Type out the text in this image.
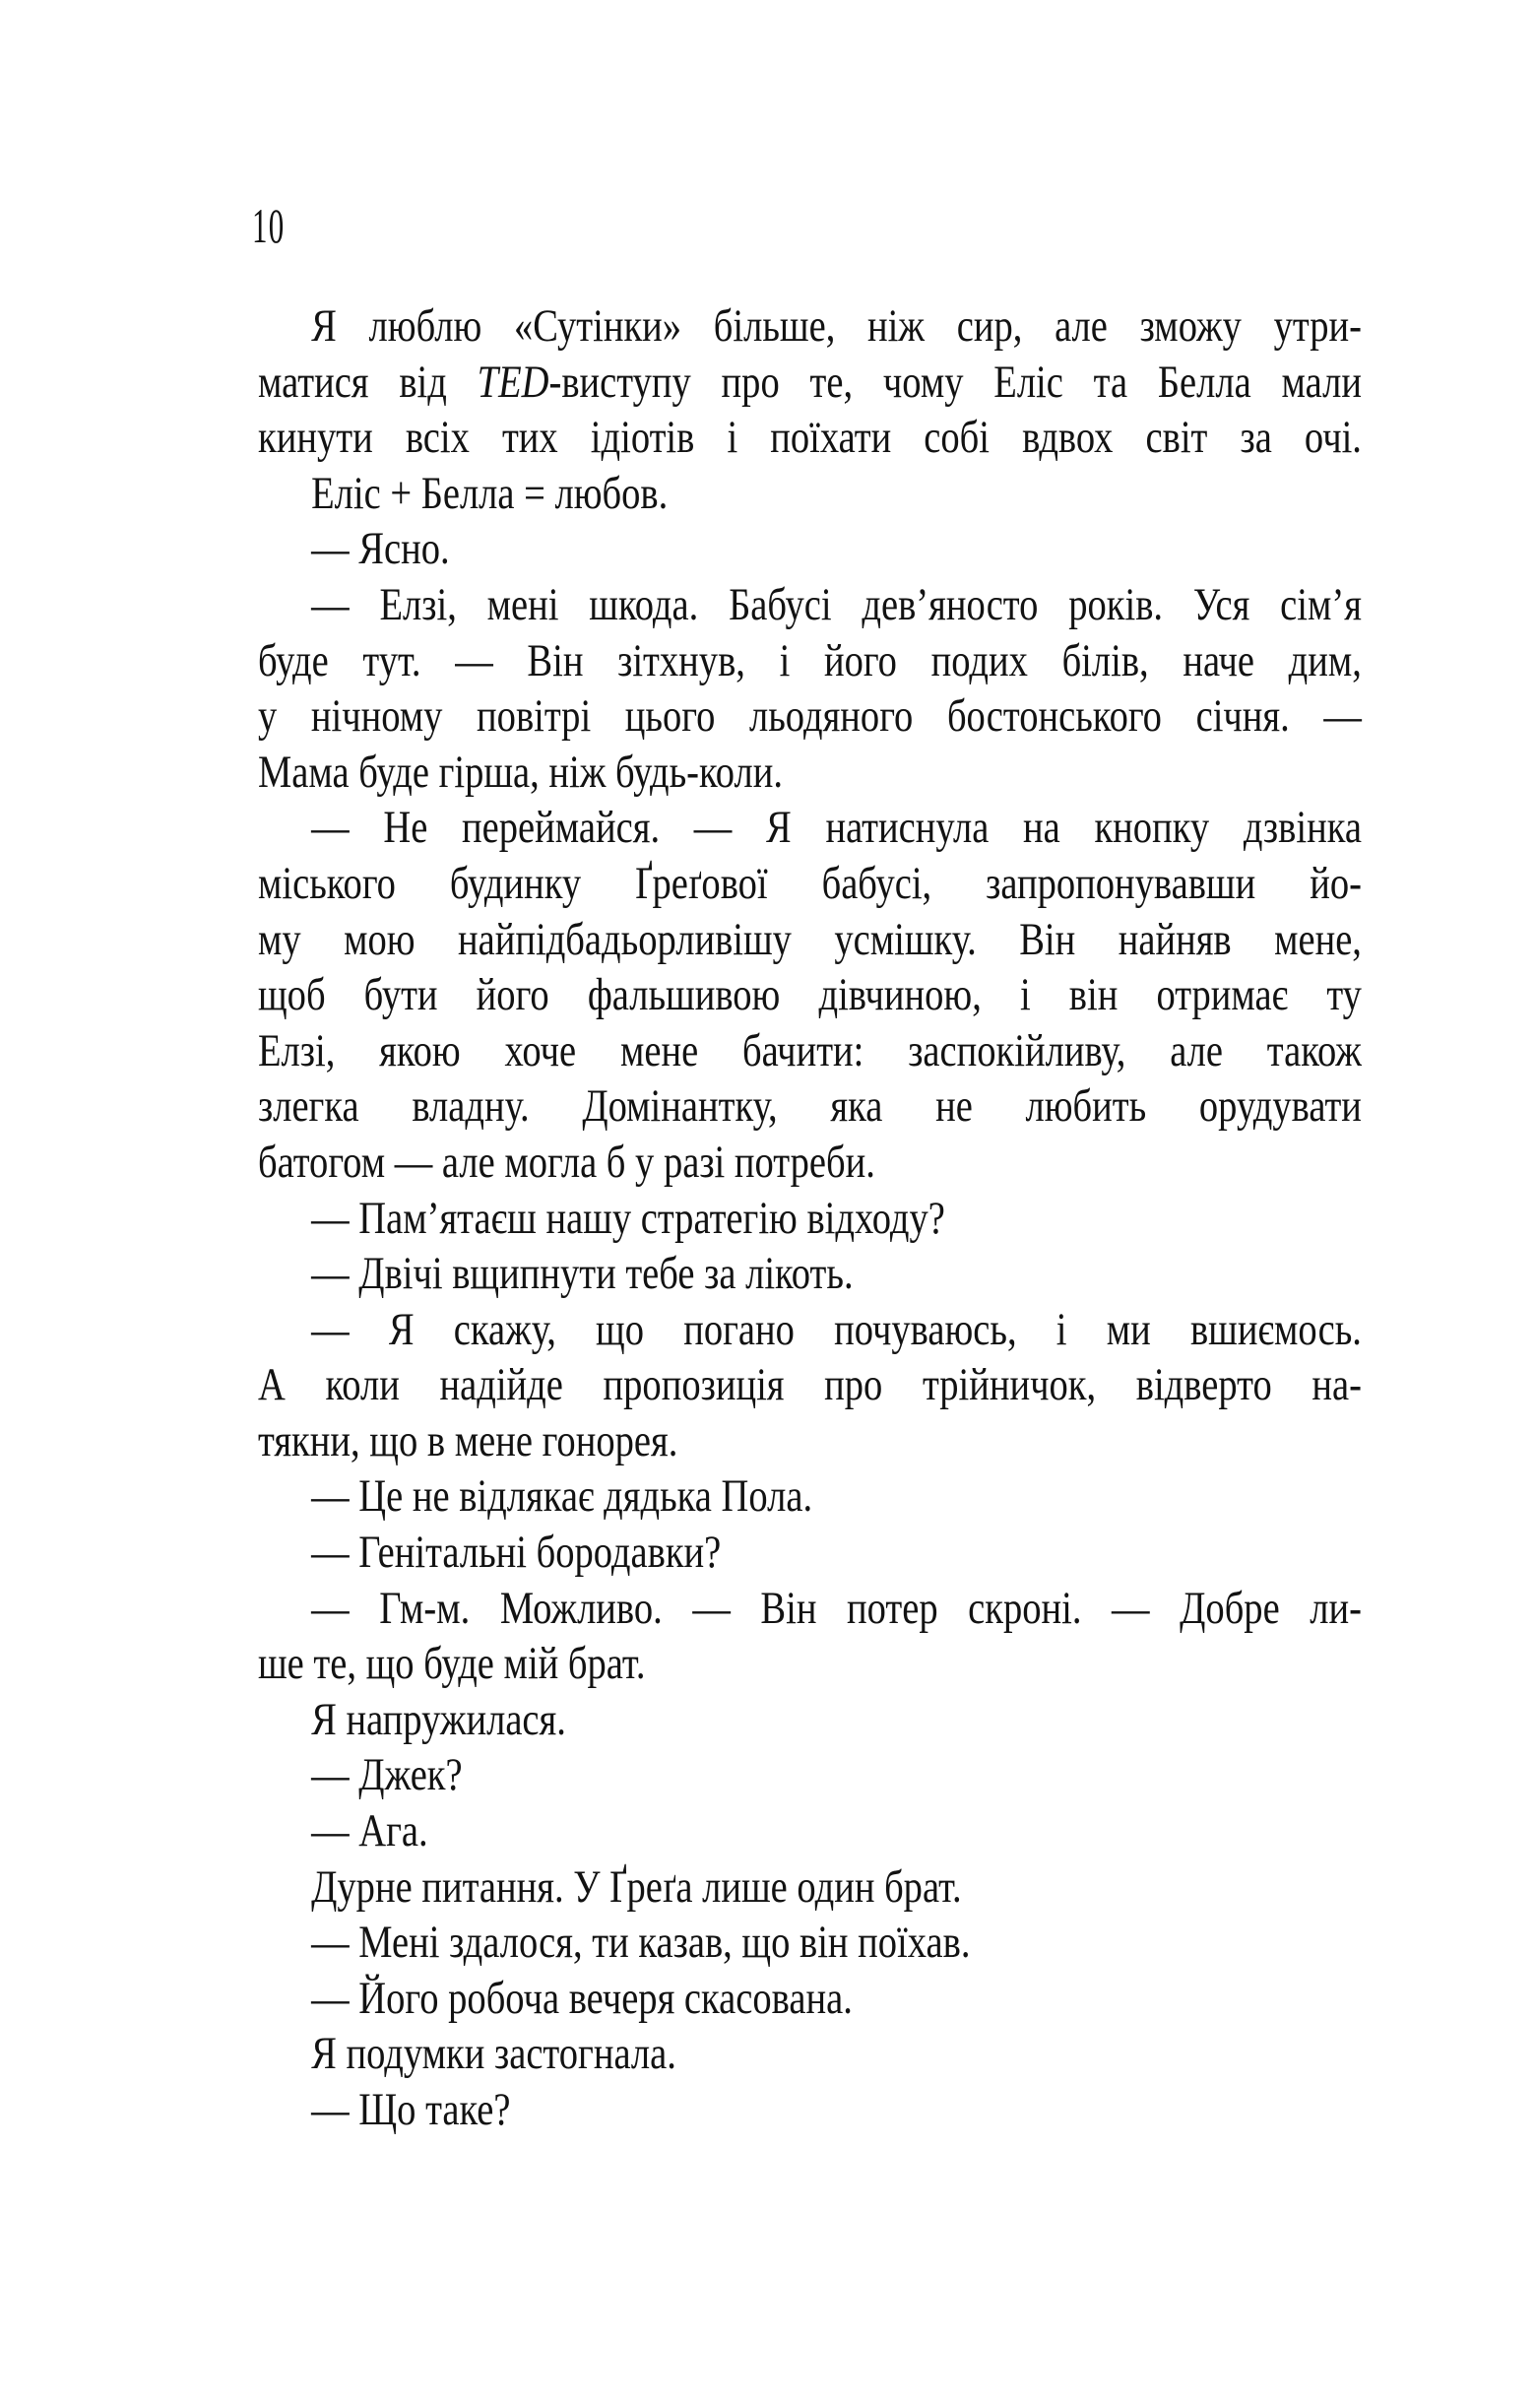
10
Я люблю «Сутінки» більше, ніж сир, але зможу утри-
матися від TED-виступу про те, чому Еліс та Белла мали
кинути всіх тих ідіотів і поїхати собі вдвох світ за очі.
Еліс + Белла = любов.
— Ясно.
— Елзі, мені шкода. Бабусі дев’яносто років. Уся сім’я
буде тут. — Він зітхнув, і його подих білів, наче дим,
у нічному повітрі цього льодяного бостонського січня. —
Мама буде гірша, ніж будь-коли.
— Не переймайся. — Я натиснула на кнопку дзвінка
міського будинку Ґреґової бабусі, запропонувавши йо-
му мою найпідбадьорливішу усмішку. Він найняв мене,
щоб бути його фальшивою дівчиною, і він отримає ту
Елзі, якою хоче мене бачити: заспокійливу, але також
злегка владну. Домінантку, яка не любить орудувати
батогом — але могла б у разі потреби.
— Пам’ятаєш нашу стратегію відходу?
— Двічі вщипнути тебе за лікоть.
— Я скажу, що погано почуваюсь, і ми вшиємось.
А коли надійде пропозиція про трійничок, відверто на-
тякни, що в мене гонорея.
— Це не відлякає дядька Пола.
— Генітальні бородавки?
— Гм-м. Можливо. — Він потер скроні. — Добре ли-
ше те, що буде мій брат.
Я напружилася.
— Джек?
— Ага.
Дурне питання. У Ґреґа лише один брат.
— Мені здалося, ти казав, що він поїхав.
— Його робоча вечеря скасована.
Я подумки застогнала.
— Що таке?
